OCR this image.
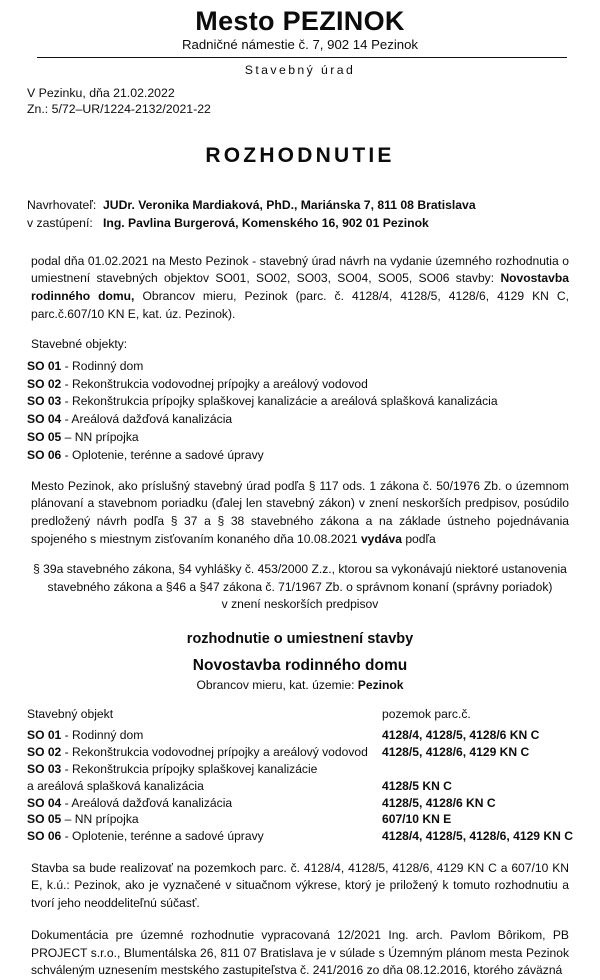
Mesto PEZINOK
Radničné námestie č. 7, 902 14 Pezinok
Stavebný úrad
V Pezinku, dňa 21.02.2022
Zn.: 5/72–UR/1224-2132/2021-22
ROZHODNUTIE
Navrhovateľ: JUDr. Veronika Mardiaková, PhD., Mariánska 7, 811 08 Bratislava
v zastúpení: Ing. Pavlina Burgerová, Komenského 16, 902 01 Pezinok
podal dňa 01.02.2021 na Mesto Pezinok - stavebný úrad návrh na vydanie územného rozhodnutia o umiestnení stavebných objektov SO01, SO02, SO03, SO04, SO05, SO06 stavby: Novostavba rodinného domu, Obrancov mieru, Pezinok (parc. č. 4128/4, 4128/5, 4128/6, 4129 KN C, parc.č.607/10 KN E, kat. úz. Pezinok).
Stavebné objekty:
SO 01 - Rodinný dom
SO 02 - Rekonštrukcia vodovodnej prípojky a areálový vodovod
SO 03 - Rekonštrukcia prípojky splaškovej kanalizácie a areálová splašková kanalizácia
SO 04 - Areálová dažďová kanalizácia
SO 05 – NN prípojka
SO 06 - Oplotenie, terénne a sadové úpravy
Mesto Pezinok, ako príslušný stavebný úrad podľa § 117 ods. 1 zákona č. 50/1976 Zb. o územnom plánovaní a stavebnom poriadku (ďalej len stavebný zákon) v znení neskorších predpisov, posúdilo predložený návrh podľa § 37 a § 38 stavebného zákona a na základe ústneho pojednávania spojeného s miestnym zisťovaním konaného dňa 10.08.2021 vydáva podľa
§ 39a stavebného zákona, §4 vyhlášky č. 453/2000 Z.z., ktorou sa vykonávajú niektoré ustanovenia
stavebného zákona a §46 a §47 zákona č. 71/1967 Zb. o správnom konaní (správny poriadok)
v znení neskorších predpisov
rozhodnutie o umiestnení stavby
Novostavba rodinného domu
Obrancov mieru, kat. územie: Pezinok
Stavebný objekt	pozemok parc.č.
SO 01 - Rodinný dom	4128/4, 4128/5, 4128/6 KN C
SO 02 - Rekonštrukcia vodovodnej prípojky a areálový vodovod	4128/5, 4128/6, 4129 KN C
SO 03 - Rekonštrukcia prípojky splaškovej kanalizácie	
a areálová splašková kanalizácia	4128/5 KN C
SO 04 - Areálová dažďová kanalizácia	4128/5, 4128/6 KN C
SO 05 – NN prípojka	607/10 KN E
SO 06 - Oplotenie, terénne a sadové úpravy	4128/4, 4128/5, 4128/6, 4129 KN C
Stavba sa bude realizovať na pozemkoch parc. č. 4128/4, 4128/5, 4128/6, 4129 KN C a 607/10 KN E, k.ú.: Pezinok, ako je vyznačené v situačnom výkrese, ktorý je priložený k tomuto rozhodnutiu a tvorí jeho neoddeliteľnú súčasť.
Dokumentácia pre územné rozhodnutie vypracovaná 12/2021 Ing. arch. Pavlom Bôrikom, PB PROJECT s.r.o., Blumentálska 26, 811 07 Bratislava je v súlade s Územným plánom mesta Pezinok schváleným uznesením mestského zastupiteľstva č. 241/2016 zo dňa 08.12.2016, ktorého záväzná
